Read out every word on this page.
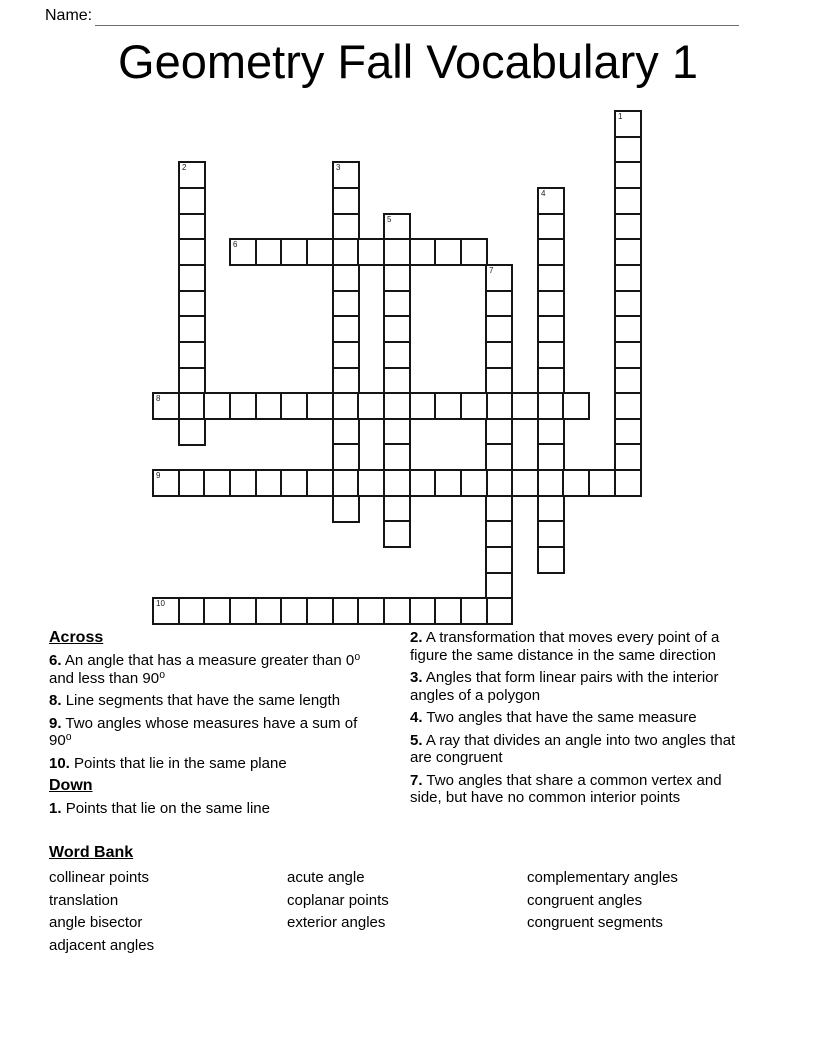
Name:
Geometry Fall Vocabulary 1
1
2	3
4
5
6
7
8
9
10
Across

6. An angle that has a measure greater than 0⁰ and less than 90⁰

8. Line segments that have the same length

9. Two angles whose measures have a sum of 90⁰

10. Points that lie in the same plane

Down

1. Points that lie on the same line

2. A transformation that moves every point of a figure the same distance in the same direction

3. Angles that form linear pairs with the interior angles of a polygon

4. Two angles that have the same measure

5. A ray that divides an angle into two angles that are congruent

7. Two angles that share a common vertex and side, but have no common interior points

Word Bank
collinear points
translation
angle bisector
adjacent angles
acute angle
coplanar points
exterior angles
complementary angles
congruent angles
congruent segments
